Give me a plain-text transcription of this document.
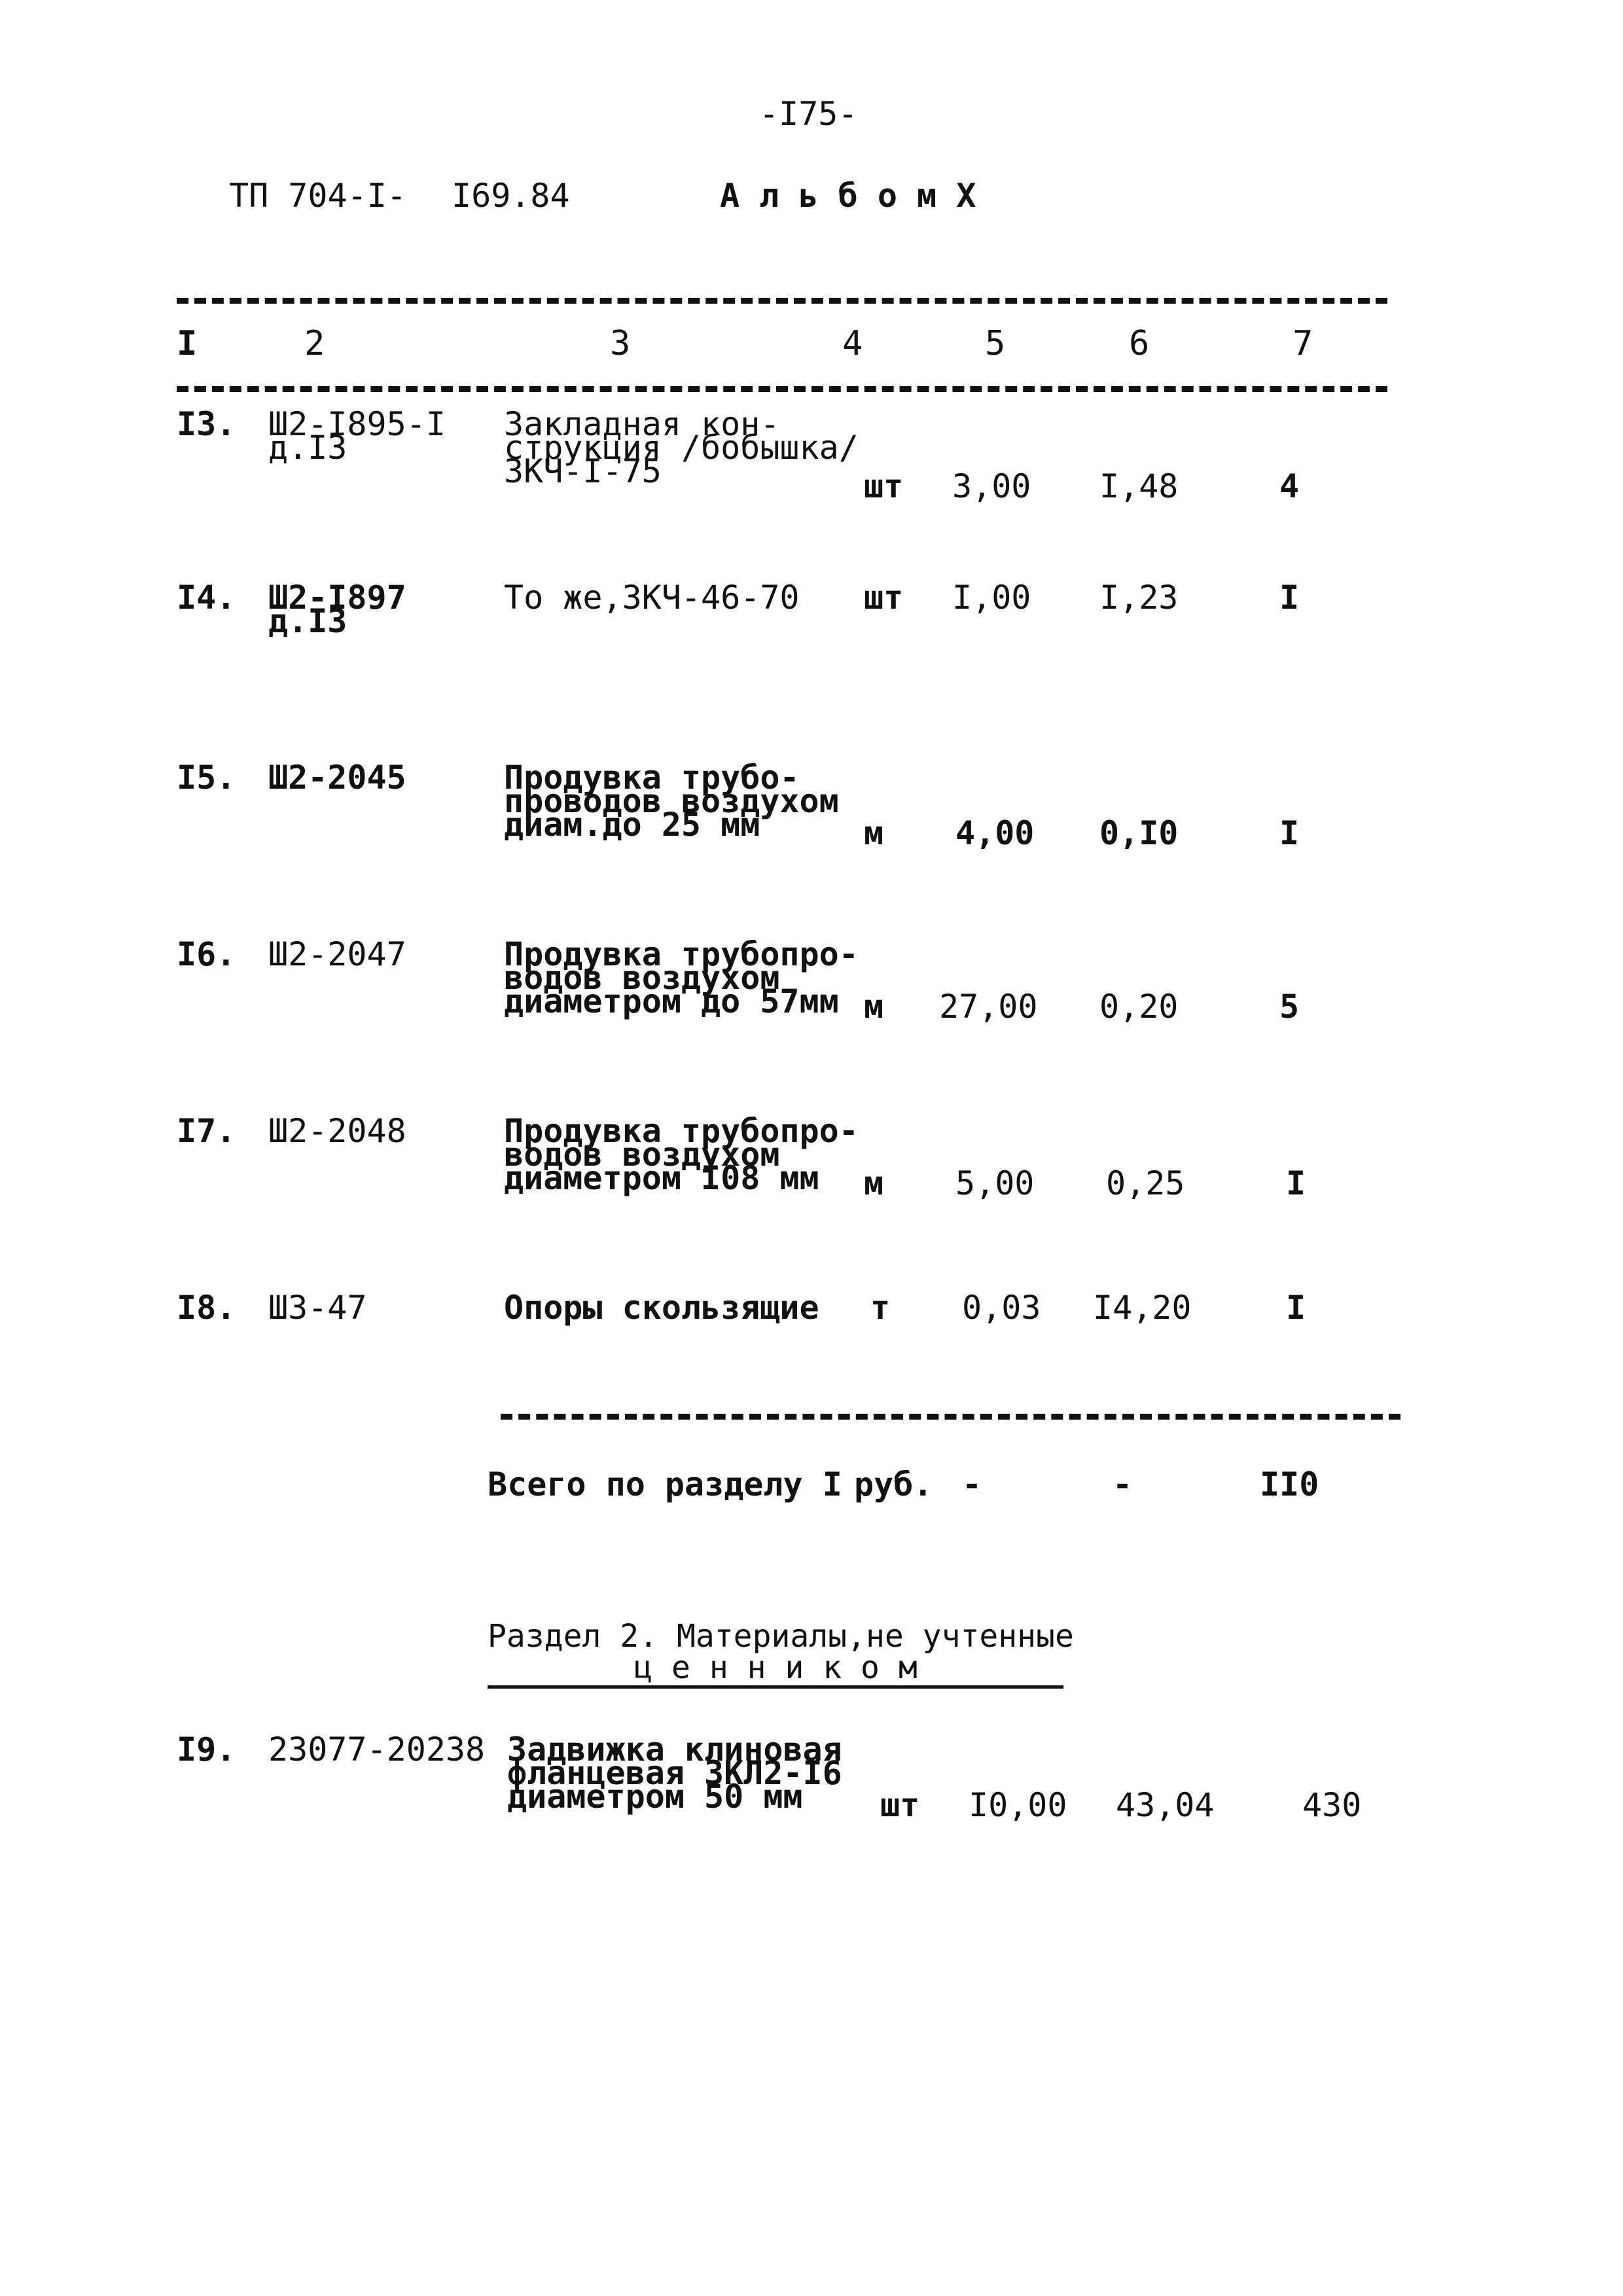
-I75-
ТП 704-I- I69.84	А л ь б о м X
I	2	3	4	5	6	7
I3. Ш2-I895-I
д.I3
Закладная кон-
струкция /бобышка/
ЗКЧ-I-75	шт 3,00 I,48	4
I4. Ш2-I897
д.I3
То же,ЗКЧ-46-70 шт I,00 I,23	I
I5. Ш2-2045	Продувка трубо-
проводов воздухом
диам.до 25 мм	м 4,00 0,I0	I
I6. Ш2-2047	Продувка трубопро-
водов воздухом
диаметром до 57мм м 27,00 0,20	5
I7. Ш2-2048	Продувка трубопро-
водов воздухом
диаметром I08 мм	м 5,00 0,25	I
I8. Ш3-47	Опоры скользящие т 0,03 I4,20	I
Всего по разделу I руб. -	-	II0
Раздел 2. Материалы,не учтенные
ц е н н и к о м
I9. 23077-20238 Задвижка клиновая
фланцевая ЗКЛ2-I6
диаметром 50 мм	шт I0,00 43,04	430
